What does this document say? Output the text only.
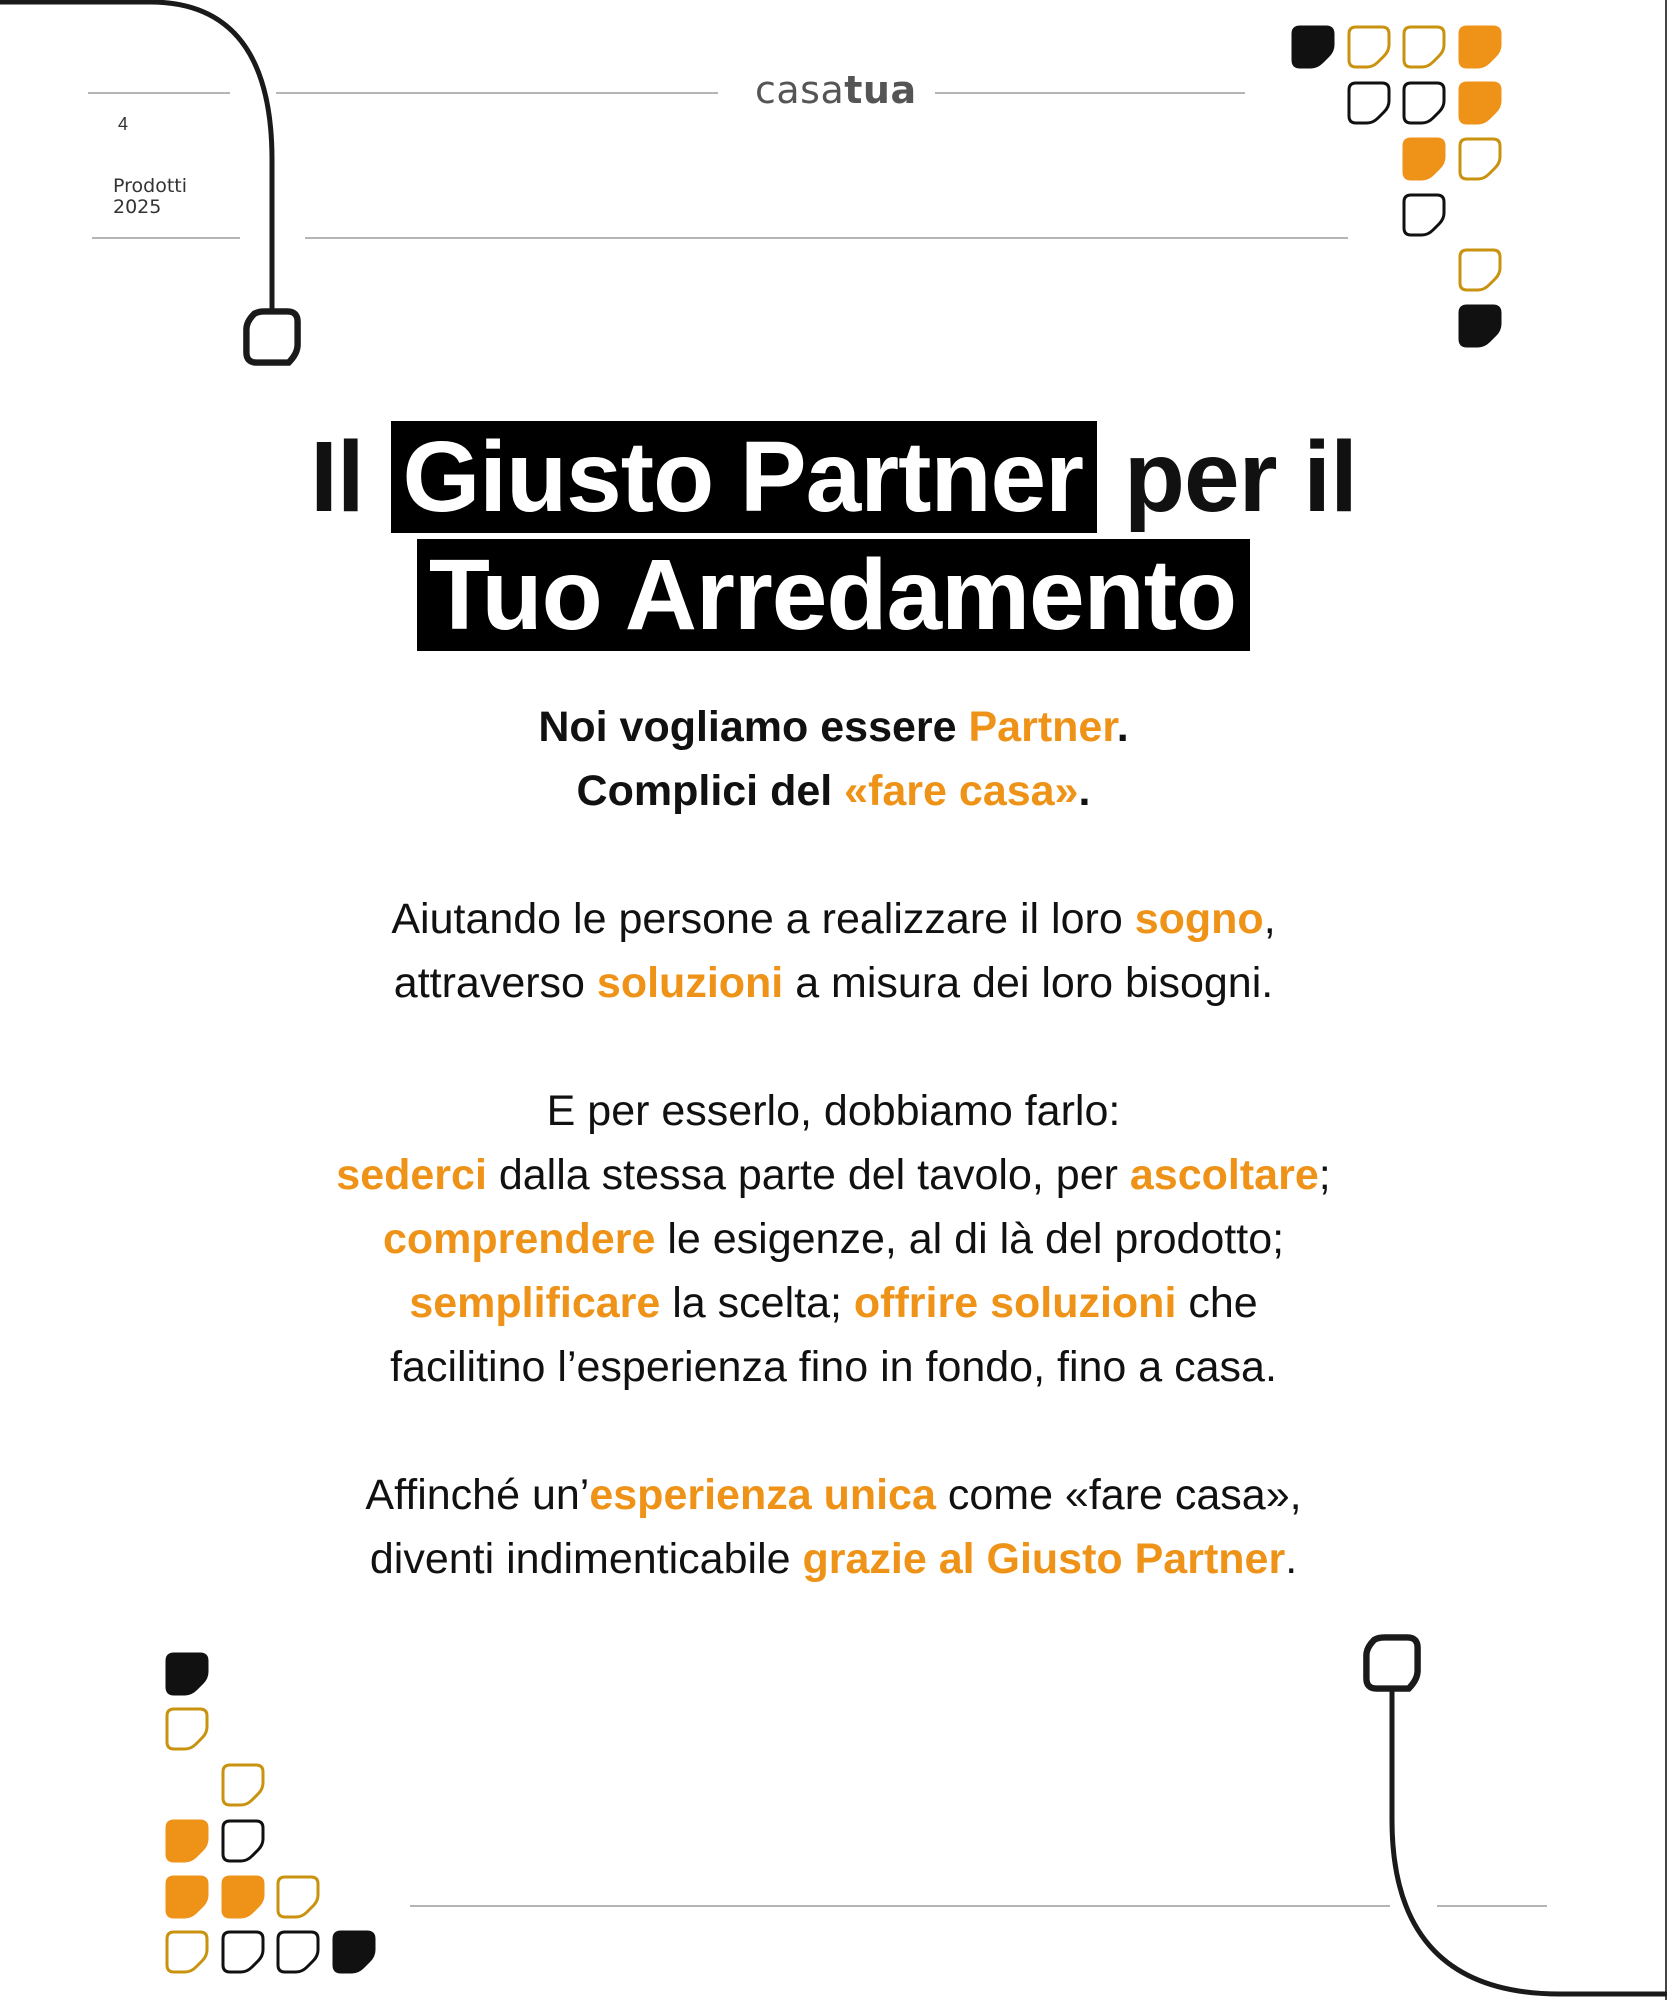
casatua
4
Prodotti
2025
Il Giusto Partner per il
Tuo Arredamento

Noi vogliamo essere Partner.
Complici del «fare casa».

Aiutando le persone a realizzare il loro sogno,
attraverso soluzioni a misura dei loro bisogni.

E per esserlo, dobbiamo farlo:
sederci dalla stessa parte del tavolo, per ascoltare;
comprendere le esigenze, al di là del prodotto;
semplificare la scelta; offrire soluzioni che
facilitino l’esperienza fino in fondo, fino a casa.

Affinché un’esperienza unica come «fare casa»,
diventi indimenticabile grazie al Giusto Partner.
